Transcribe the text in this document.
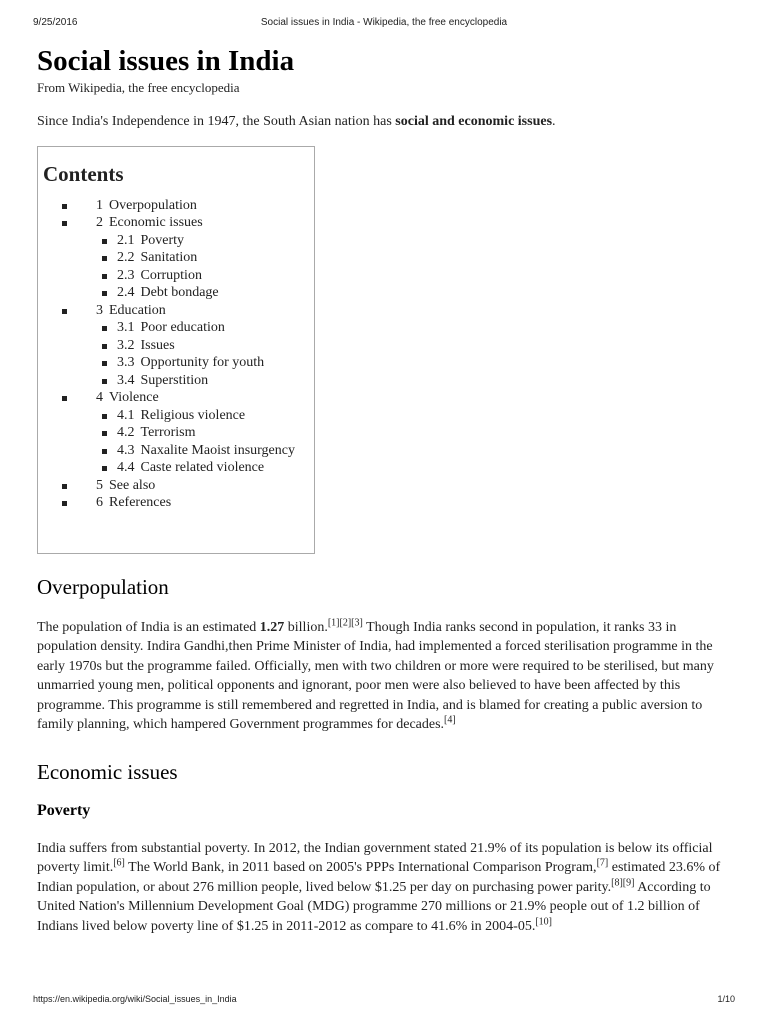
9/25/2016	Social issues in India - Wikipedia, the free encyclopedia
Social issues in India
From Wikipedia, the free encyclopedia

Since India's Independence in 1947, the South Asian nation has social and economic issues.

Contents
1 Overpopulation
2 Economic issues
2.1 Poverty
2.2 Sanitation
2.3 Corruption
2.4 Debt bondage
3 Education
3.1 Poor education
3.2 Issues
3.3 Opportunity for youth
3.4 Superstition
4 Violence
4.1 Religious violence
4.2 Terrorism
4.3 Naxalite Maoist insurgency
4.4 Caste related violence
5 See also
6 References
Overpopulation

The population of India is an estimated 1.27 billion.[1][2][3] Though India ranks second in population, it ranks 33 in population density. Indira Gandhi,then Prime Minister of India, had implemented a forced sterilisation programme in the early 1970s but the programme failed. Officially, men with two children or more were required to be sterilised, but many unmarried young men, political opponents and ignorant, poor men were also believed to have been affected by this programme. This programme is still remembered and regretted in India, and is blamed for creating a public aversion to family planning, which hampered Government programmes for decades.[4]

Economic issues
Poverty

India suffers from substantial poverty. In 2012, the Indian government stated 21.9% of its population is below its official poverty limit.[6] The World Bank, in 2011 based on 2005's PPPs International Comparison Program,[7] estimated 23.6% of Indian population, or about 276 million people, lived below $1.25 per day on purchasing power parity.[8][9] According to United Nation's Millennium Development Goal (MDG) programme 270 millions or 21.9% people out of 1.2 billion of Indians lived below poverty line of $1.25 in 2011-2012 as compare to 41.6% in 2004-05.[10]

https://en.wikipedia.org/wiki/Social_issues_in_India	1/10
